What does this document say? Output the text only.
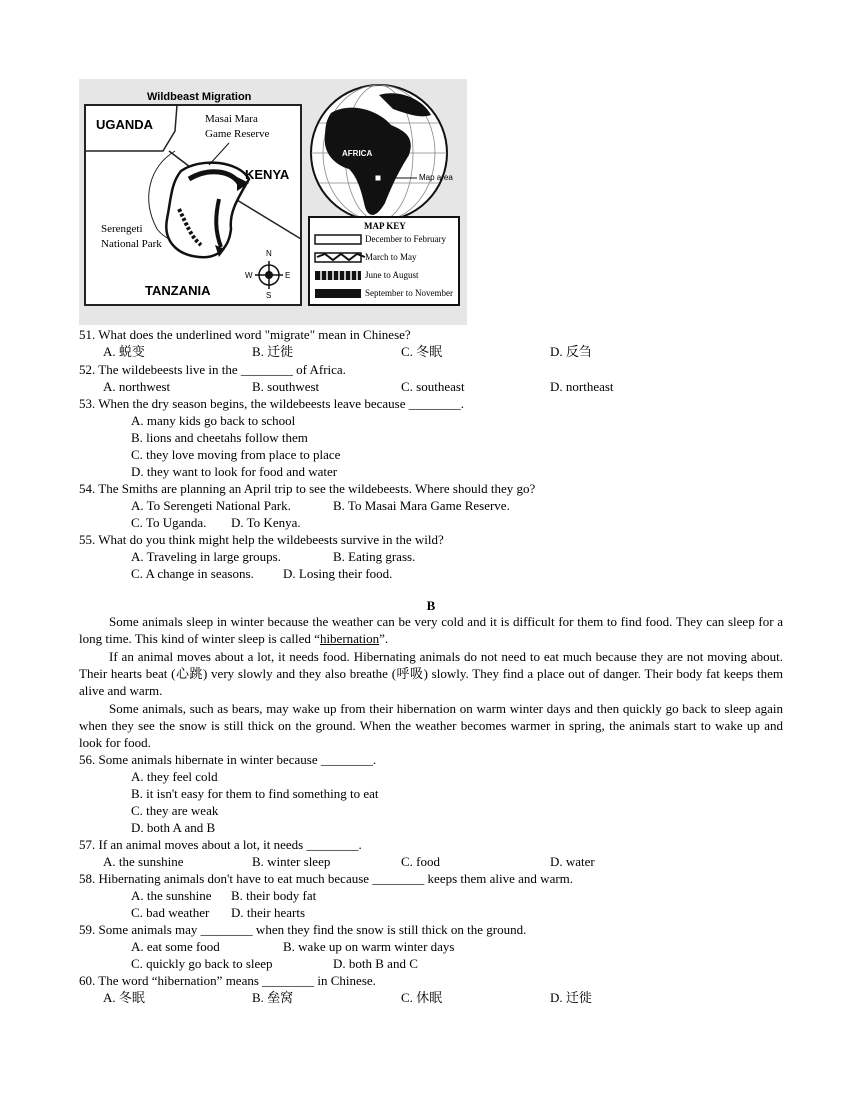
Wildbeast Migration
UGANDA
KENYA
TANZANIA
Masai Mara
Game Reserve
Serengeti
National Park
AFRICA
Map area
N
S
E
W
MAP KEY
December to February
March to May
June to August
September to November
51. What does the underlined word "migrate" mean in Chinese?
A. 蜕变	B. 迁徙	C. 冬眠	D. 反刍
52. The wildebeests live in the ________ of Africa.
A. northwest	B. southwest	C. southeast	D. northeast
53. When the dry season begins, the wildebeests leave because ________.
A. many kids go back to school
B. lions and cheetahs follow them
C. they love moving from place to place
D. they want to look for food and water
54. The Smiths are planning an April trip to see the wildebeests. Where should they go?
A. To Serengeti National Park.	B. To Masai Mara Game Reserve.
C. To Uganda. D. To Kenya.
55. What do you think might help the wildebeests survive in the wild?
A. Traveling in large groups.	B. Eating grass.
C. A change in seasons. D. Losing their food.
B
Some animals sleep in winter because the weather can be very cold and it is difficult for them to find food. They can sleep for a long time. This kind of winter sleep is called “hibernation”.
If an animal moves about a lot, it needs food. Hibernating animals do not need to eat much because they are not moving about. Their hearts beat (心跳) very slowly and they also breathe (呼吸) slowly. They find a place out of danger. Their body fat keeps them alive and warm.
Some animals, such as bears, may wake up from their hibernation on warm winter days and then quickly go back to sleep again when they see the snow is still thick on the ground. When the weather becomes warmer in spring, the animals start to wake up and look for food.
56. Some animals hibernate in winter because ________.
A. they feel cold
B. it isn't easy for them to find something to eat
C. they are weak
D. both A and B
57. If an animal moves about a lot, it needs ________.
A. the sunshine	B. winter sleep	C. food	D. water
58. Hibernating animals don't have to eat much because ________ keeps them alive and warm.
A. the sunshine B. their body fat
C. bad weather D. their hearts
59. Some animals may ________ when they find the snow is still thick on the ground.
A. eat some food	B. wake up on warm winter days
C. quickly go back to sleep	D. both B and C
60. The word “hibernation” means ________ in Chinese.
A. 冬眠	B. 垒窝	C. 休眠	D. 迁徙
